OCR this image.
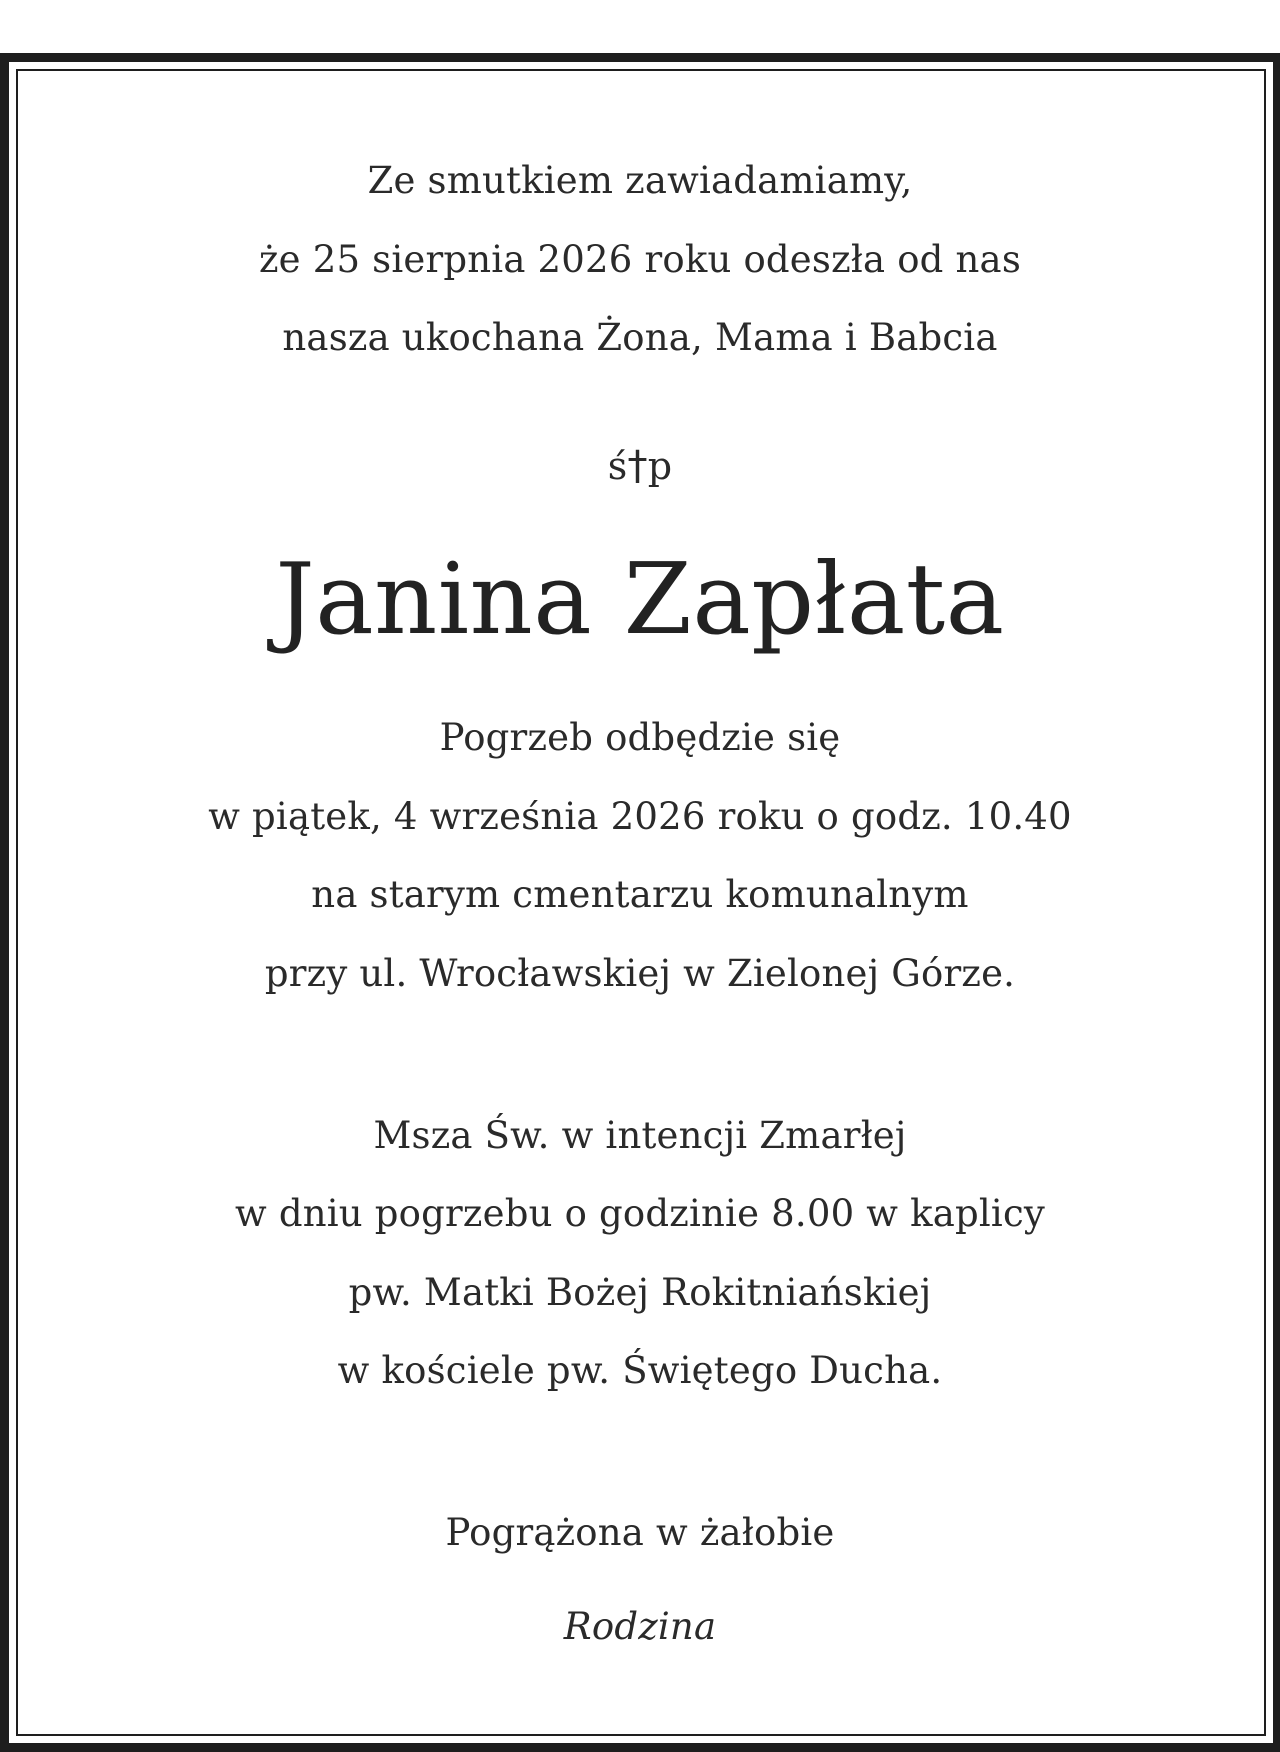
Ze smutkiem zawiadamiamy,
że 25 sierpnia 2026 roku odeszła od nas
nasza ukochana Żona, Mama i Babcia
ś†p
Janina Zapłata
Pogrzeb odbędzie się
w piątek, 4 września 2026 roku o godz. 10.40
na starym cmentarzu komunalnym
przy ul. Wrocławskiej w Zielonej Górze.
Msza Św. w intencji Zmarłej
w dniu pogrzebu o godzinie 8.00 w kaplicy
pw. Matki Bożej Rokitniańskiej
w kościele pw. Świętego Ducha.
Pogrążona w żałobie
Rodzina
